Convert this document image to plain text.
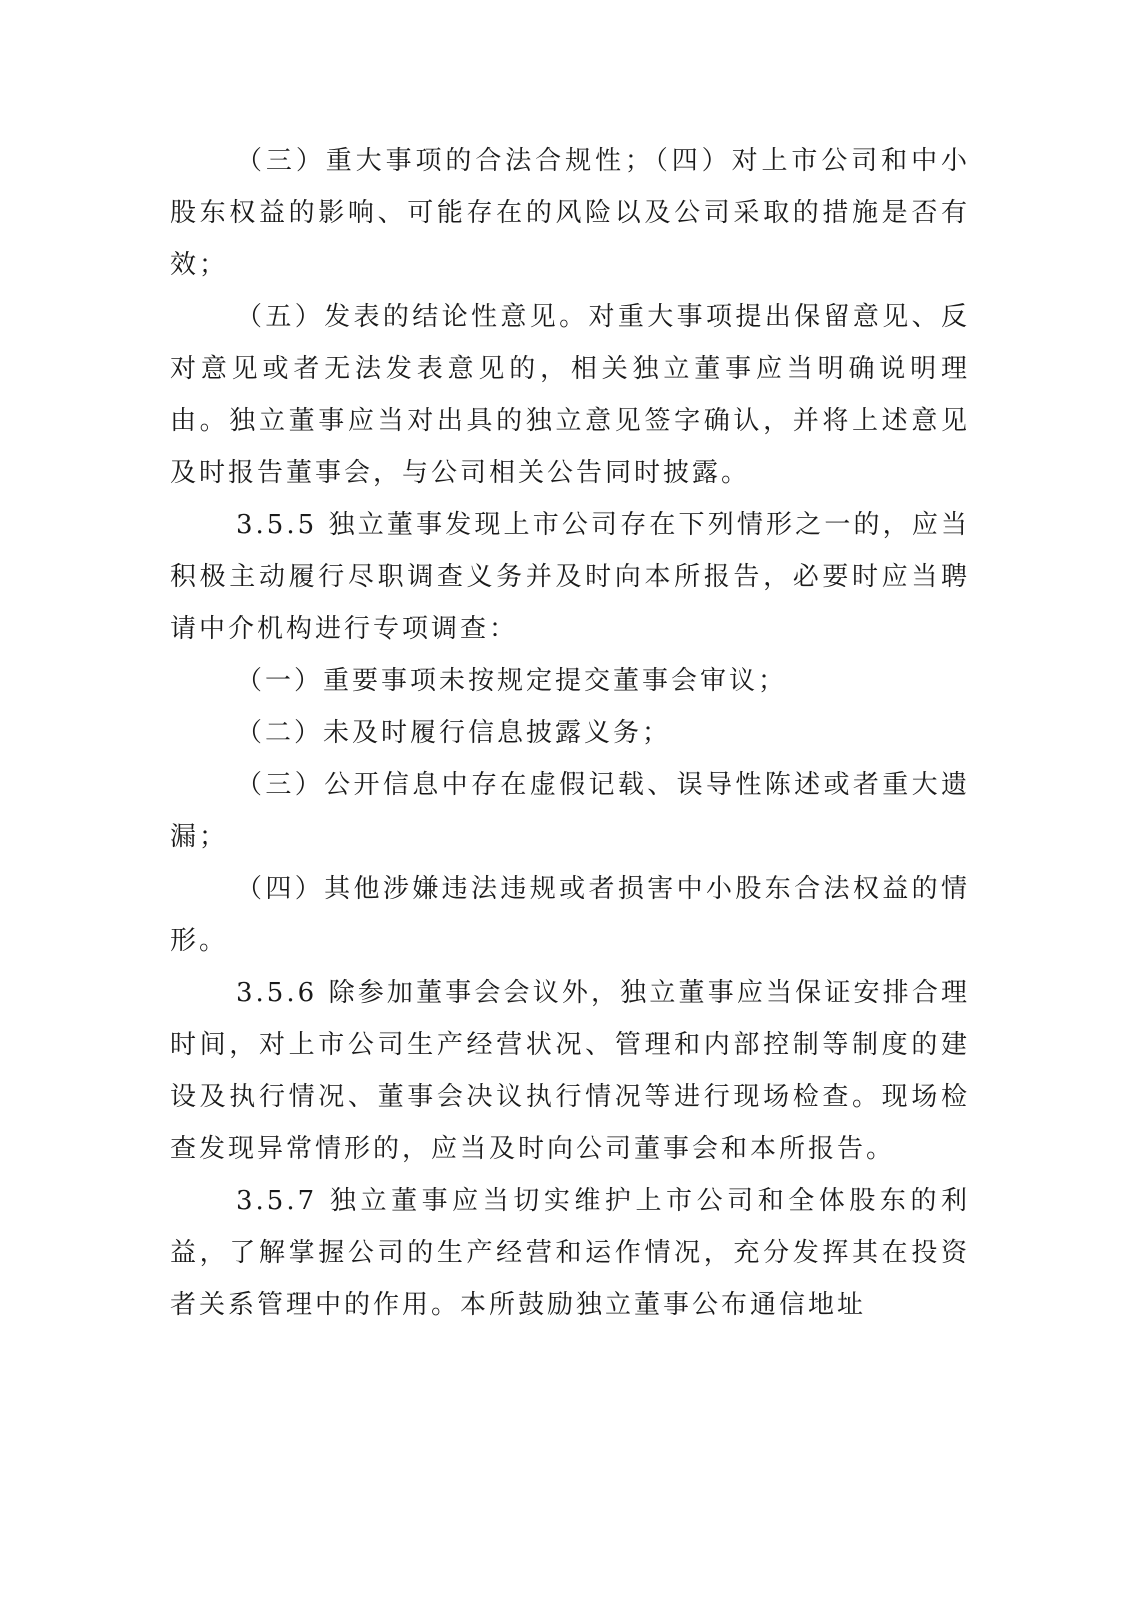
（三）重大事项的合法合规性；（四）对上市公司和中小股东权益的影响、可能存在的风险以及公司采取的措施是否有效；

（五）发表的结论性意见。对重大事项提出保留意见、反对意见或者无法发表意见的，相关独立董事应当明确说明理由。独立董事应当对出具的独立意见签字确认，并将上述意见及时报告董事会，与公司相关公告同时披露。

3.5.5 独立董事发现上市公司存在下列情形之一的，应当积极主动履行尽职调查义务并及时向本所报告，必要时应当聘请中介机构进行专项调查：

（一）重要事项未按规定提交董事会审议；

（二）未及时履行信息披露义务；

（三）公开信息中存在虚假记载、误导性陈述或者重大遗漏；

（四）其他涉嫌违法违规或者损害中小股东合法权益的情形。

3.5.6 除参加董事会会议外，独立董事应当保证安排合理时间，对上市公司生产经营状况、管理和内部控制等制度的建设及执行情况、董事会决议执行情况等进行现场检查。现场检查发现异常情形的，应当及时向公司董事会和本所报告。

3.5.7 独立董事应当切实维护上市公司和全体股东的利益，了解掌握公司的生产经营和运作情况，充分发挥其在投资者关系管理中的作用。本所鼓励独立董事公布通信地址
